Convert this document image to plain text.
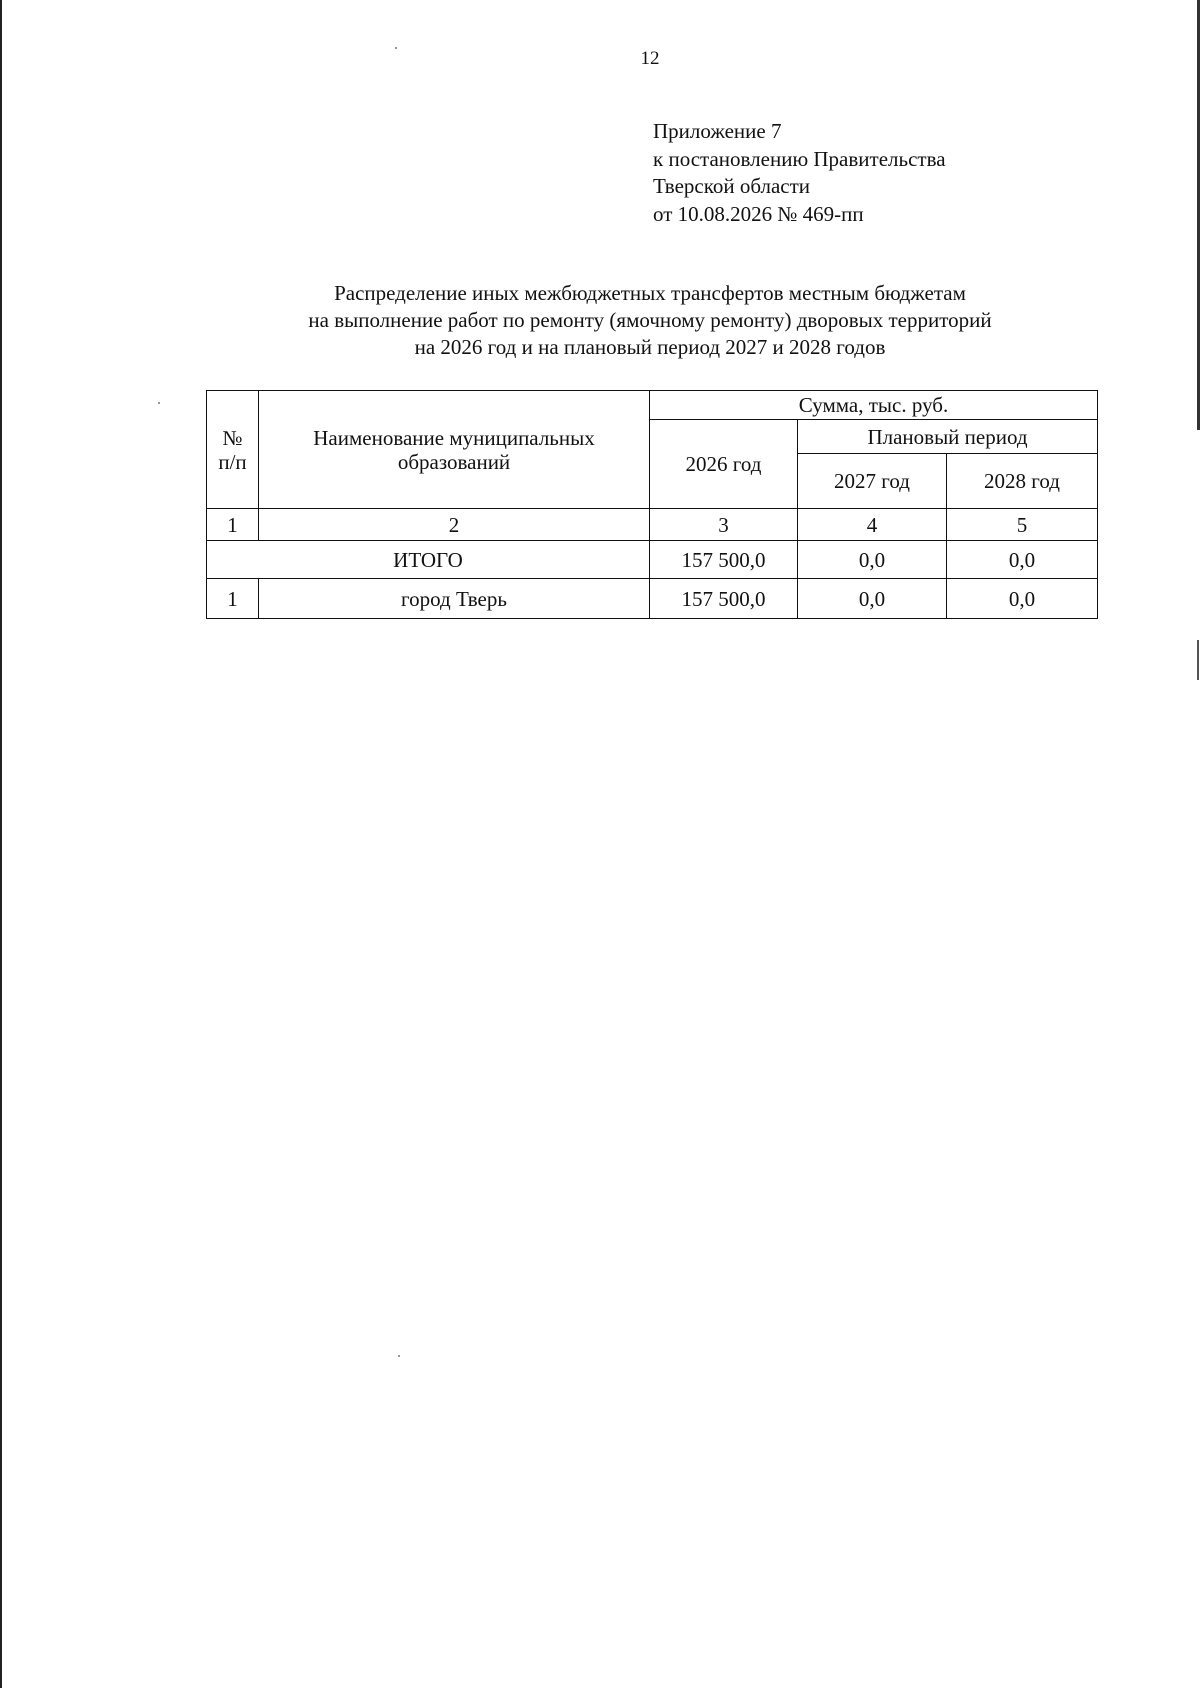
12
Приложение 7
к постановлению Правительства
Тверской области
от 10.08.2026 № 469-пп
Распределение иных межбюджетных трансфертов местным бюджетам
на выполнение работ по ремонту (ямочному ремонту) дворовых территорий
на 2026 год и на плановый период 2027 и 2028 годов
№ п/п	Наименование муниципальных образований	Сумма, тыс. руб.		
		2026 год	Плановый период	
			2027 год	2028 год
1	2	3	4	5
ИТОГО		157 500,0	0,0	0,0
1	город Тверь	157 500,0	0,0	0,0
